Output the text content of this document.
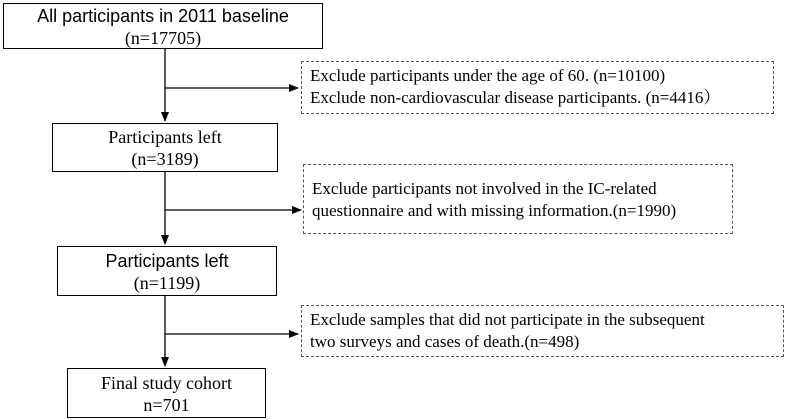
All participants in 2011 baseline
(n=17705)
Participants left
(n=3189)
Participants left
(n=1199)
Final study cohort
n=701
Exclude participants under the age of 60. (n=10100)
Exclude non-cardiovascular disease participants. (n=4416）
Exclude participants not involved in the IC-related
questionnaire and with missing information.(n=1990)
Exclude samples that did not participate in the subsequent
two surveys and cases of death.(n=498)
